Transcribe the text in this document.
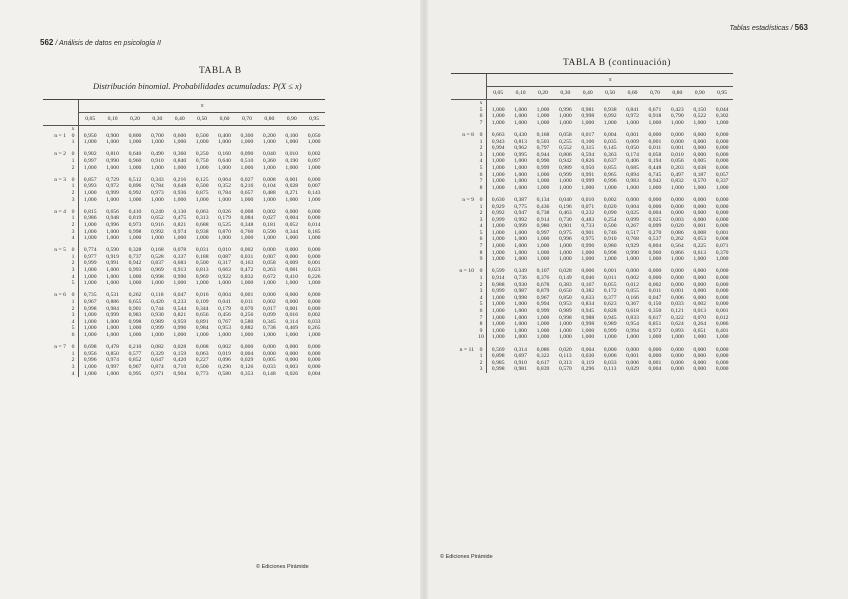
562 / Análisis de datos en psicología II
TABLA B
Distribución binomial. Probabilidades acumuladas: P(X ≤ x)
		π										
		0,05	0,10	0,20	0,30	0,40	0,50	0,60	0,70	0,80	0,90	0,95
	x											
n = 1	0	0,950	0,900	0,800	0,700	0,600	0,500	0,400	0,300	0,200	0,100	0,050
	1	1,000	1,000	1,000	1,000	1,000	1,000	1,000	1,000	1,000	1,000	1,000
n = 2	0	0,902	0,810	0,640	0,490	0,360	0,250	0,160	0,090	0,040	0,010	0,002
	1	0,997	0,990	0,960	0,910	0,840	0,750	0,640	0,510	0,360	0,190	0,097
	2	1,000	1,000	1,000	1,000	1,000	1,000	1,000	1,000	1,000	1,000	1,000
n = 3	0	0,857	0,729	0,512	0,343	0,216	0,125	0,064	0,027	0,008	0,001	0,000
	1	0,993	0,972	0,896	0,784	0,648	0,500	0,352	0,216	0,104	0,028	0,007
	2	1,000	0,999	0,992	0,973	0,936	0,875	0,784	0,657	0,488	0,271	0,143
	3	1,000	1,000	1,000	1,000	1,000	1,000	1,000	1,000	1,000	1,000	1,000
n = 4	0	0,815	0,656	0,410	0,240	0,130	0,063	0,026	0,008	0,002	0,000	0,000
	1	0,986	0,948	0,819	0,652	0,475	0,313	0,179	0,084	0,027	0,004	0,000
	2	1,000	0,996	0,973	0,916	0,821	0,688	0,525	0,348	0,181	0,052	0,014
	3	1,000	1,000	0,998	0,992	0,974	0,938	0,870	0,760	0,590	0,344	0,185
	4	1,000	1,000	1,000	1,000	1,000	1,000	1,000	1,000	1,000	1,000	1,000
n = 5	0	0,774	0,590	0,328	0,168	0,078	0,031	0,010	0,002	0,000	0,000	0,000
	1	0,977	0,919	0,737	0,528	0,337	0,188	0,087	0,031	0,007	0,000	0,000
	2	0,999	0,991	0,942	0,837	0,683	0,500	0,317	0,163	0,058	0,009	0,001
	3	1,000	1,000	0,993	0,969	0,913	0,813	0,663	0,472	0,263	0,081	0,023
	4	1,000	1,000	1,000	0,998	0,990	0,969	0,922	0,832	0,672	0,410	0,226
	5	1,000	1,000	1,000	1,000	1,000	1,000	1,000	1,000	1,000	1,000	1,000
n = 6	0	0,735	0,531	0,262	0,118	0,047	0,016	0,004	0,001	0,000	0,000	0,000
	1	0,967	0,886	0,655	0,420	0,233	0,109	0,041	0,011	0,002	0,000	0,000
	2	0,998	0,984	0,901	0,744	0,544	0,344	0,179	0,070	0,017	0,001	0,000
	3	1,000	0,999	0,983	0,930	0,821	0,656	0,456	0,256	0,099	0,016	0,002
	4	1,000	1,000	0,998	0,989	0,959	0,891	0,767	0,580	0,345	0,114	0,033
	5	1,000	1,000	1,000	0,999	0,996	0,984	0,953	0,882	0,738	0,469	0,265
	6	1,000	1,000	1,000	1,000	1,000	1,000	1,000	1,000	1,000	1,000	1,000
n = 7	0	0,698	0,478	0,210	0,082	0,028	0,008	0,002	0,000	0,000	0,000	0,000
	1	0,956	0,850	0,577	0,329	0,159	0,063	0,019	0,004	0,000	0,000	0,000
	2	0,996	0,974	0,852	0,647	0,420	0,227	0,096	0,029	0,005	0,000	0,000
	3	1,000	0,997	0,967	0,874	0,710	0,500	0,290	0,126	0,033	0,003	0,000
	4	1,000	1,000	0,995	0,971	0,904	0,773	0,580	0,353	0,148	0,026	0,004
© Ediciones Pirámide
Tablas estadísticas / 563
TABLA B (continuación)
		π										
		0,05	0,10	0,20	0,30	0,40	0,50	0,60	0,70	0,80	0,90	0,95
	x											
	5	1,000	1,000	1,000	0,996	0,981	0,938	0,841	0,671	0,423	0,150	0,044
	6	1,000	1,000	1,000	1,000	0,998	0,992	0,972	0,918	0,790	0,522	0,302
	7	1,000	1,000	1,000	1,000	1,000	1,000	1,000	1,000	1,000	1,000	1,000
n = 8	0	0,663	0,430	0,168	0,058	0,017	0,004	0,001	0,000	0,000	0,000	0,000
	1	0,943	0,813	0,503	0,255	0,106	0,035	0,009	0,001	0,000	0,000	0,000
	2	0,994	0,962	0,797	0,552	0,315	0,145	0,050	0,011	0,001	0,000	0,000
	3	1,000	0,995	0,944	0,806	0,594	0,363	0,174	0,058	0,010	0,000	0,000
	4	1,000	1,000	0,990	0,942	0,826	0,637	0,406	0,194	0,056	0,005	0,000
	5	1,000	1,000	0,999	0,989	0,950	0,855	0,685	0,448	0,203	0,038	0,006
	6	1,000	1,000	1,000	0,999	0,991	0,965	0,894	0,745	0,497	0,187	0,057
	7	1,000	1,000	1,000	1,000	0,999	0,996	0,983	0,942	0,832	0,570	0,337
	8	1,000	1,000	1,000	1,000	1,000	1,000	1,000	1,000	1,000	1,000	1,000
n = 9	0	0,630	0,387	0,134	0,040	0,010	0,002	0,000	0,000	0,000	0,000	0,000
	1	0,929	0,775	0,436	0,196	0,071	0,020	0,004	0,000	0,000	0,000	0,000
	2	0,992	0,947	0,738	0,463	0,232	0,090	0,025	0,004	0,000	0,000	0,000
	3	0,999	0,992	0,914	0,730	0,483	0,254	0,099	0,025	0,003	0,000	0,000
	4	1,000	0,999	0,980	0,901	0,733	0,500	0,267	0,099	0,020	0,001	0,000
	5	1,000	1,000	0,997	0,975	0,901	0,746	0,517	0,270	0,086	0,008	0,001
	6	1,000	1,000	1,000	0,996	0,975	0,910	0,768	0,537	0,262	0,053	0,008
	7	1,000	1,000	1,000	1,000	0,996	0,980	0,929	0,804	0,564	0,225	0,071
	8	1,000	1,000	1,000	1,000	1,000	0,998	0,990	0,960	0,866	0,613	0,370
	9	1,000	1,000	1,000	1,000	1,000	1,000	1,000	1,000	1,000	1,000	1,000
n = 10	0	0,599	0,349	0,107	0,028	0,006	0,001	0,000	0,000	0,000	0,000	0,000
	1	0,914	0,736	0,376	0,149	0,046	0,011	0,002	0,000	0,000	0,000	0,000
	2	0,988	0,930	0,678	0,383	0,167	0,055	0,012	0,002	0,000	0,000	0,000
	3	0,999	0,987	0,879	0,650	0,382	0,172	0,055	0,011	0,001	0,000	0,000
	4	1,000	0,998	0,967	0,850	0,633	0,377	0,166	0,047	0,006	0,000	0,000
	5	1,000	1,000	0,994	0,953	0,834	0,623	0,367	0,150	0,033	0,002	0,000
	6	1,000	1,000	0,999	0,989	0,945	0,828	0,618	0,350	0,121	0,013	0,001
	7	1,000	1,000	1,000	0,998	0,988	0,945	0,833	0,617	0,322	0,070	0,012
	8	1,000	1,000	1,000	1,000	0,998	0,989	0,954	0,851	0,624	0,264	0,086
	9	1,000	1,000	1,000	1,000	1,000	0,999	0,994	0,972	0,893	0,651	0,401
	10	1,000	1,000	1,000	1,000	1,000	1,000	1,000	1,000	1,000	1,000	1,000
n = 11	0	0,569	0,314	0,086	0,020	0,004	0,000	0,000	0,000	0,000	0,000	0,000
	1	0,898	0,697	0,322	0,113	0,030	0,006	0,001	0,000	0,000	0,000	0,000
	2	0,985	0,910	0,617	0,313	0,119	0,033	0,006	0,001	0,000	0,000	0,000
	3	0,998	0,981	0,839	0,570	0,296	0,113	0,029	0,004	0,000	0,000	0,000
© Ediciones Pirámide
